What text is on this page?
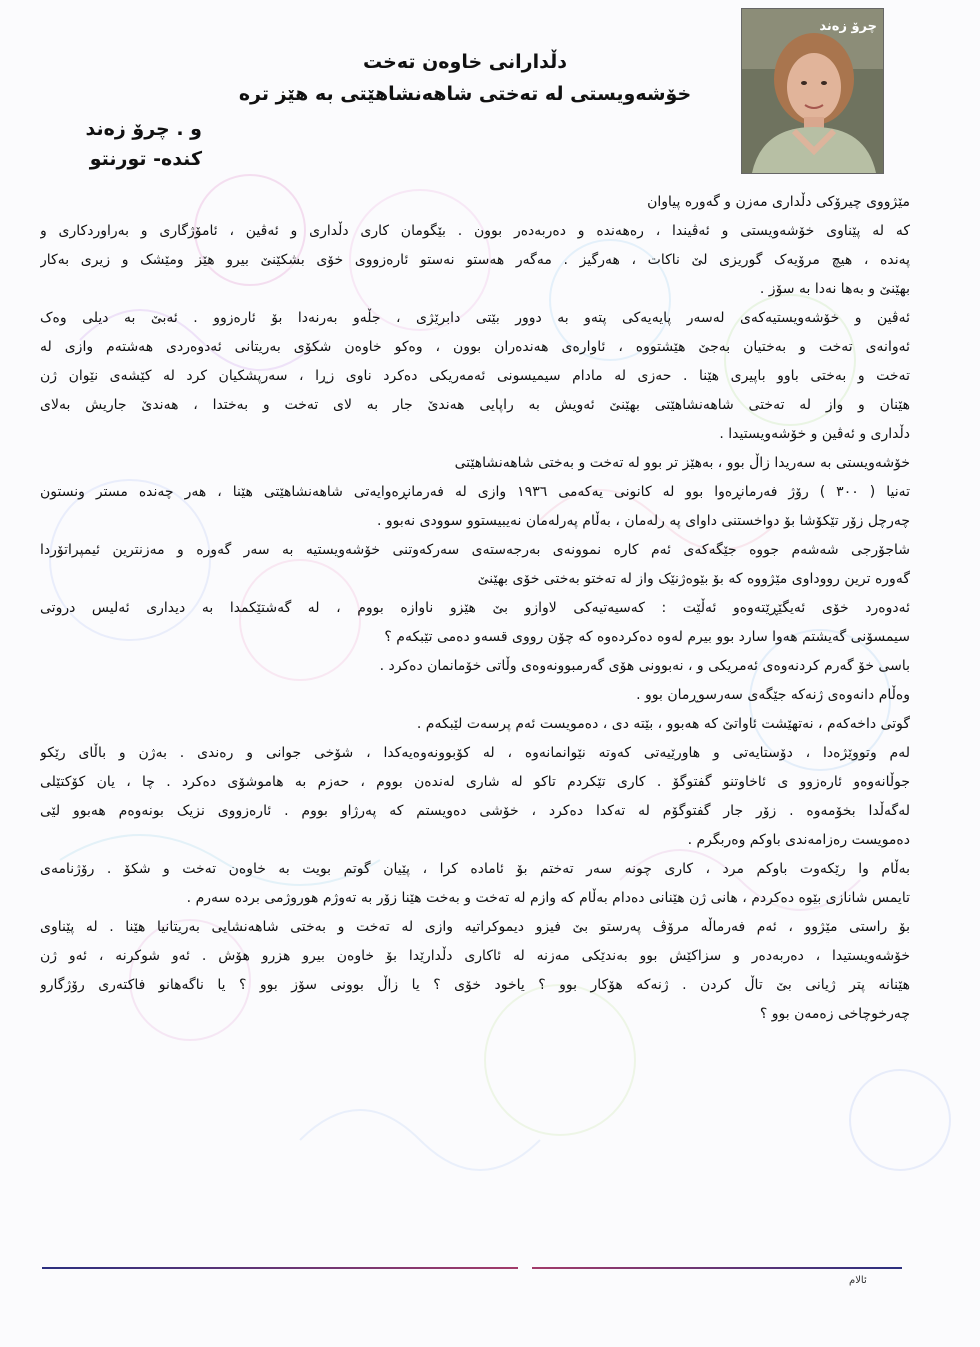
چرۆ زەند
دڵدارانى خاوەن تەخت
خۆشەویستى لە تەختى شاهەنشاهێتى بە هێز ترە
و . چرۆ زەند
کندە- تورنتو
مێژووى چیرۆکى دڵدارى مەزن و گەورە پیاوان
کە لە پێناوى خۆشەویستى و ئەڤیندا ، رەهەندە و دەربەدەر بوون . بێگومان کارى دڵدارى و ئەڤین ، ئامۆژگارى و بەراوردکارى و
پەندە ، هیچ مرۆیەک گوریزى لێ ناکات ، هەرگیز . مەگەر هەستو نەستو ئارەزووى خۆى بشکێنێ بیرو هێز ومێشک و زیرى بەکار
بهێنێ و بەها نەدا بە سۆز .
ئەڤین و خۆشەویستیەکەى لەسەر پایەیەکى پتەو بە دوور بێتى دابرێژى ، جڵەو بەرنەدا بۆ ئارەزوو . ئەبێ بە دیلى وەک
ئەوانەى تەخت و بەختیان بەجێ هێشتووە ، ئاوارەى هەندەران بوون ، وەکو خاوەن شکۆى بەریتانى ئەدوەردى هەشتەم وازى لە
تەخت و بەختى باوو باپیرى هێنا . حەزى لە مادام سیمیسونى ئەمەریکى دەکرد ناوى زڕا ، سەرپشکیان کرد لە کێشەى نێوان ژن
هێنان و واز لە تەختى شاهەنشاهێتى بهێنێ ئەویش بە راپایى هەندێ جار بە لاى تەخت و بەختدا ، هەندێ جاریش بەلاى
دڵدارى و ئەڤین و خۆشەویستیدا .
خۆشەویستى بە سەریدا زاڵ بوو ، بەهێز تر بوو لە تەخت و بەختى شاهەنشاهێتى
تەنیا ( ٣٠٠ ) رۆژ فەرمانڕەوا بوو لە کانونى یەکەمى ١٩٣٦ وازى لە فەرمانڕەوایەتى شاهەنشاهێتى هێنا ، هەر چەندە مستر ونستون
چەرچل زۆر تێکۆشا بۆ دواخستنى داواى پە رلەمان ، بەڵام پەرلەمان نەیبیستوو سوودى نەبوو .
شاجۆرجى شەشەم جووە جێگەکەى ئەم کارە نموونەى بەرجەستەى سەرکەوتنى خۆشەویستیە بە سەر گەورە و مەزنترین ئیمپراتۆردا
گەورە ترین رووداوى مێژووە کە بۆ بێوەژنێک واز لە تەختو بەختى خۆى بهێنێ
ئەدوەرد خۆى ئەیگێڕێتەوەو ئەڵێت : کەسیەتیەکى لاوازو بێ هێزو ناوازە بووم ، لە گەشتێکمدا بە دیدارى ئەلیس دروتى
سیمسۆنى گەیشتم هەوا سارد بوو بیرم لەوە دەکردەوە کە چۆن رووى قسەو دەمى تێبکەم ؟
باسى خۆ گەرم کردنەوەى ئەمریکى و ، نەبوونى هۆى گەرمبوونەوەى وڵاتى خۆمانمان دەکرد .
وەڵام دانەوەى ژنەکە جێگەى سەرسوڕمان بوو .
گوتى داخەکەم ، نەتهێشت ئاواتێ کە هەبوو ، بێتە دى ، دەمویست ئەم پرسەت لێبکەم .
لەم وتووێژەدا ، دۆستایەتى و هاورێیەتى کەوتە نێوانمانەوە ، لە کۆبوونەوەیەکدا ، شۆخى جوانى و رەندى . بەژن و باڵاى رێکو
جوڵانەوەو ئارەزوو ى ئاخاوتنو گفتوگۆ . کارى تێکردم تاکو لە شارى لەندەن بووم ، حەزم بە هاموشۆى دەکرد . چا ، یان کۆکتێلى
لەگەڵدا بخۆمەوە . زۆر جار گفتوگۆم لە تەکدا دەکرد ، خۆشى دەویستم کە پەرژاو بووم . ئارەزووى نزیک بونەوەم هەبوو لێى
دەمویست رەزامەندى باوکم وەربگرم .
بەڵام وا رێکەوت باوکم مرد ، کارى چونە سەر تەختم بۆ ئامادە کرا ، پێیان گوتم بویت بە خاوەن تەخت و شکۆ . رۆژنامەى
تایمس شانازى بێوە دەکردم ، هانى ژن هێنانى دەدام بەڵام کە وازم لە تەخت و بەخت هێنا زۆر بە تەوژم هوروژمى بردە سەرم .
بۆ راستى مێژوو ، ئەم فەرماڵە مرۆڤ پەرستو بێ فیزو دیموکراتیە وازى لە تەخت و بەختى شاهەنشایى بەریتانیا هێنا . لە پێناوى
خۆشەویستیدا ، دەربەدەر و سزاکێش بوو بەندێکى مەزنە لە ئاکارى دڵدارێدا بۆ خاوەن بیرو هزرو هۆش . ئەو شوکرنە ، ئەو ژن
هێنانە پتر ژیانى بێ تاڵ کردن . ژنەکە هۆکار بوو ؟ یاخود خۆى ؟ یا زاڵ بوونى سۆز بوو ؟ یا ناگەهانو فاکتەرى رۆژگارو
چەرخوچاخى زەمەن بوو ؟
ئالام
